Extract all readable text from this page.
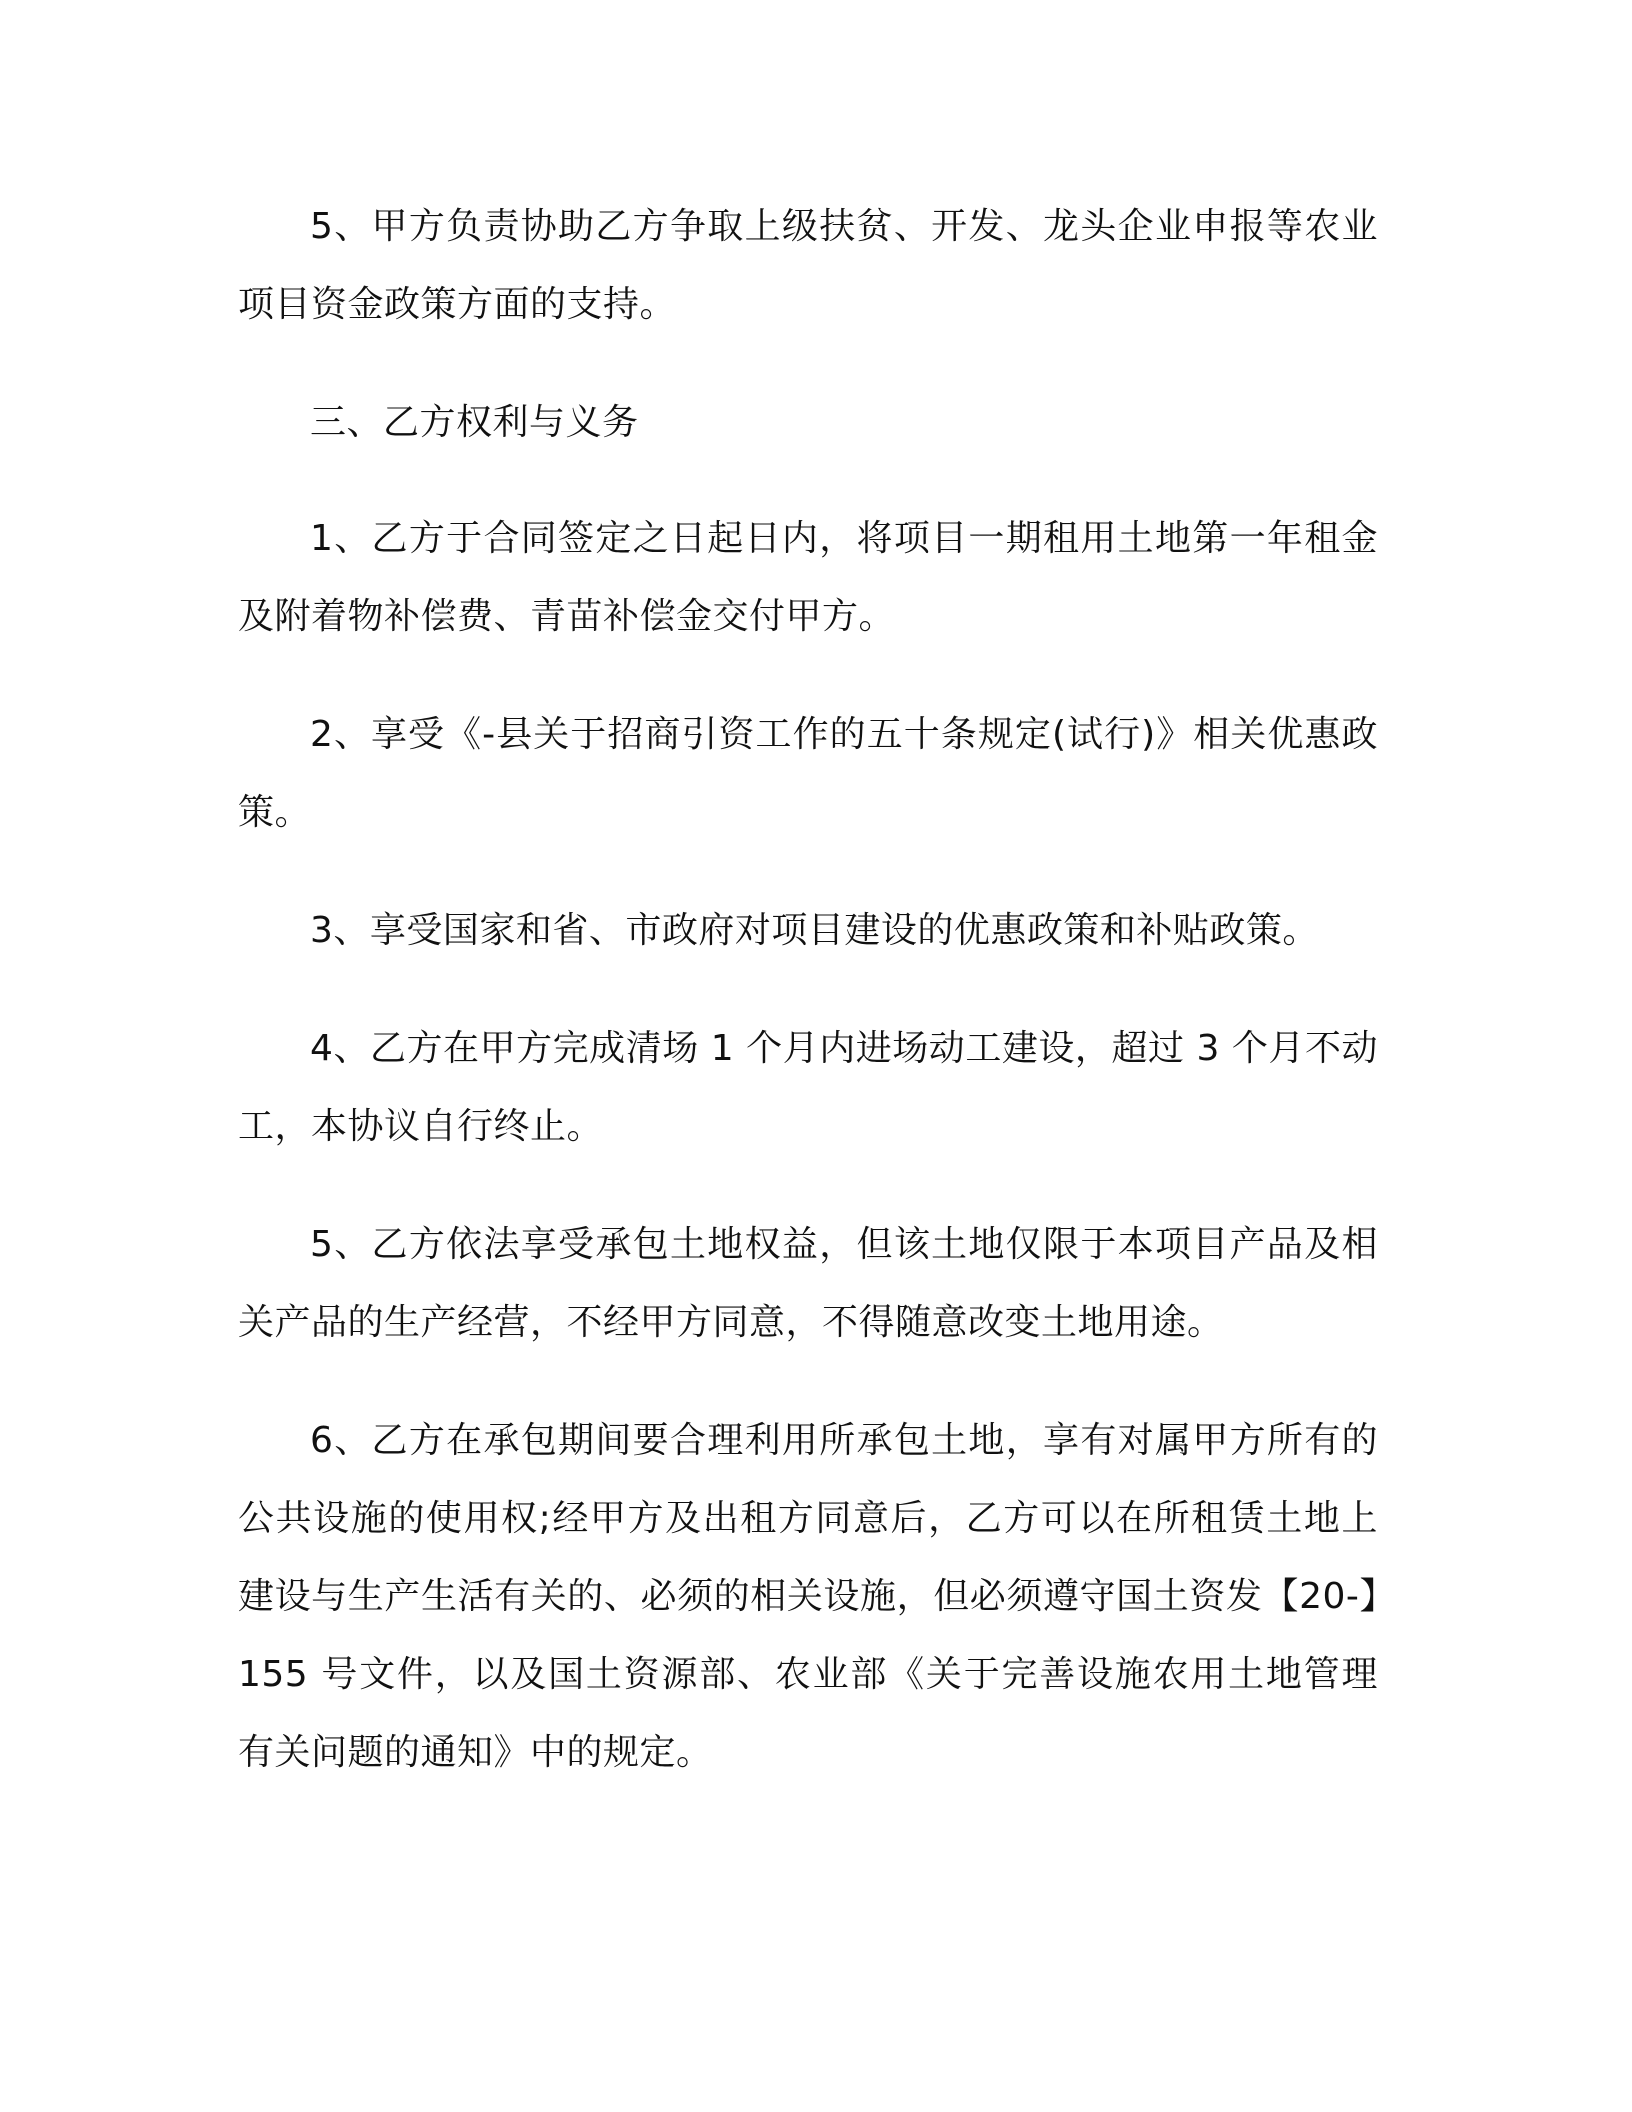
5、甲方负责协助乙方争取上级扶贫、开发、龙头企业申报等农业项目资金政策方面的支持。

三、乙方权利与义务

1、乙方于合同签定之日起日内，将项目一期租用土地第一年租金及附着物补偿费、青苗补偿金交付甲方。

2、享受《-县关于招商引资工作的五十条规定(试行)》相关优惠政策。

3、享受国家和省、市政府对项目建设的优惠政策和补贴政策。

4、乙方在甲方完成清场 1 个月内进场动工建设，超过 3 个月不动工，本协议自行终止。

5、乙方依法享受承包土地权益，但该土地仅限于本项目产品及相关产品的生产经营，不经甲方同意，不得随意改变土地用途。

6、乙方在承包期间要合理利用所承包土地，享有对属甲方所有的公共设施的使用权;经甲方及出租方同意后，乙方可以在所租赁土地上建设与生产生活有关的、必须的相关设施，但必须遵守国土资发【20-】155 号文件，以及国土资源部、农业部《关于完善设施农用土地管理有关问题的通知》中的规定。
